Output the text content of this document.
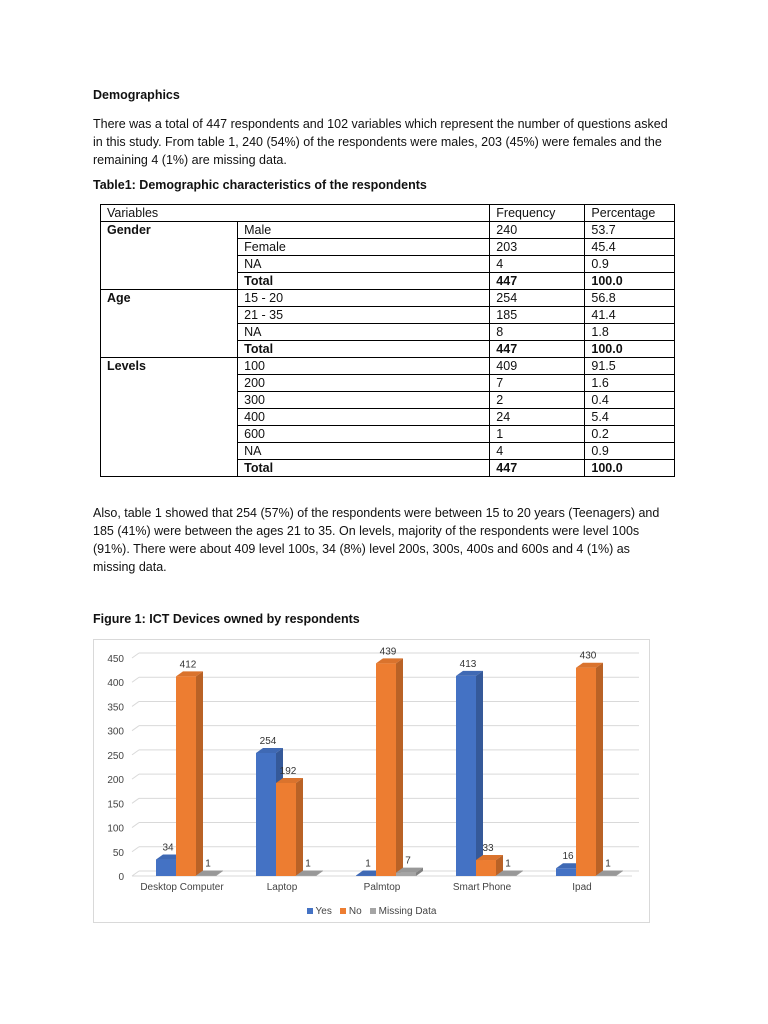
Demographics
There was a total of 447 respondents and 102 variables which represent the number of questions asked in this study. From table 1, 240 (54%) of the respondents were males, 203 (45%) were females and the remaining 4 (1%) are missing data.
Table1: Demographic characteristics of the respondents
Variables		Frequency	Percentage
Gender	Male	240	53.7
	Female	203	45.4
	NA	4	0.9
	Total	447	100.0
Age	15 - 20	254	56.8
	21 - 35	185	41.4
	NA	8	1.8
	Total	447	100.0
Levels	100	409	91.5
	200	7	1.6
	300	2	0.4
	400	24	5.4
	600	1	0.2
	NA	4	0.9
	Total	447	100.0
Also, table 1 showed that 254 (57%) of the respondents were between 15 to 20 years (Teenagers) and 185 (41%) were between the ages 21 to 35. On levels, majority of the respondents were level 100s (91%). There were about 409 level 100s, 34 (8%) level 200s, 300s, 400s and 600s and 4 (1%) as missing data.
Figure 1: ICT Devices owned by respondents
0
50
100
150
200
250
300
350
400
450
34
412
1
Desktop Computer
254
192
1
Laptop
1
439
7
Palmtop
413
33
1
Smart Phone
16
430
1
Ipad
Yes No Missing Data
